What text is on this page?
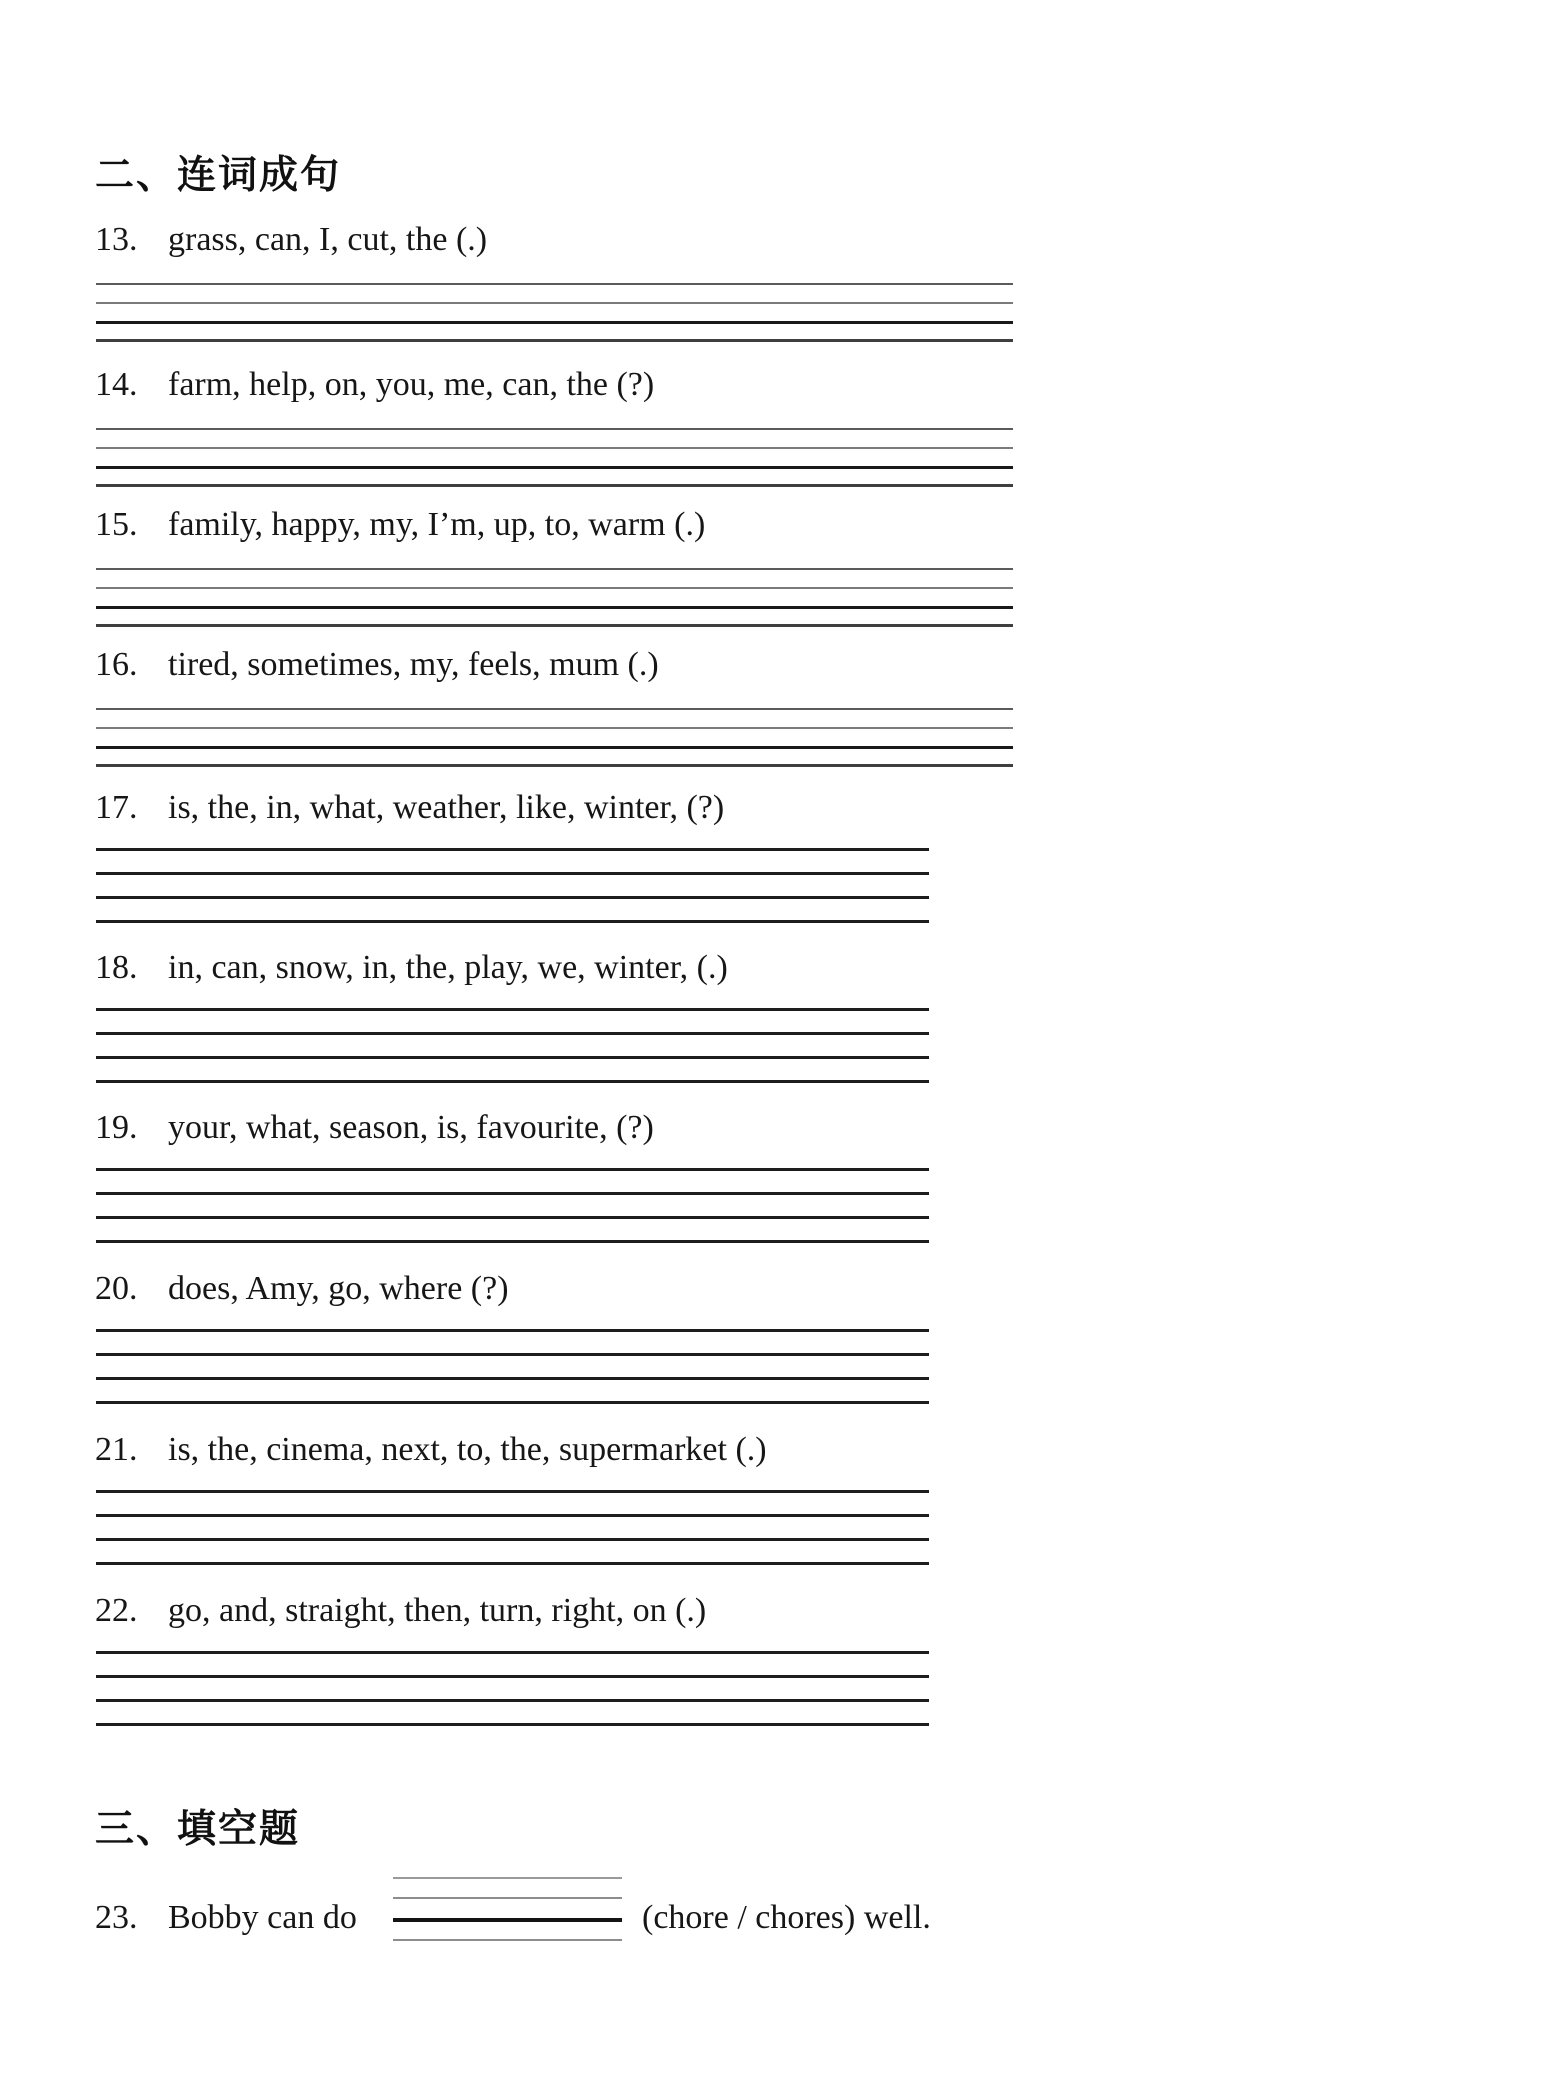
二、连词成句
13. grass, can, I, cut, the (.)
14. farm, help, on, you, me, can, the (?)
15. family, happy, my, I’m, up, to, warm (.)
16. tired, sometimes, my, feels, mum (.)
17. is, the, in, what, weather, like, winter, (?)
18. in, can, snow, in, the, play, we, winter, (.)
19. your, what, season, is, favourite, (?)
20. does, Amy, go, where (?)
21. is, the, cinema, next, to, the, supermarket (.)
22. go, and, straight, then, turn, right, on (.)
三、填空题
23. Bobby can do	(chore / chores) well.
